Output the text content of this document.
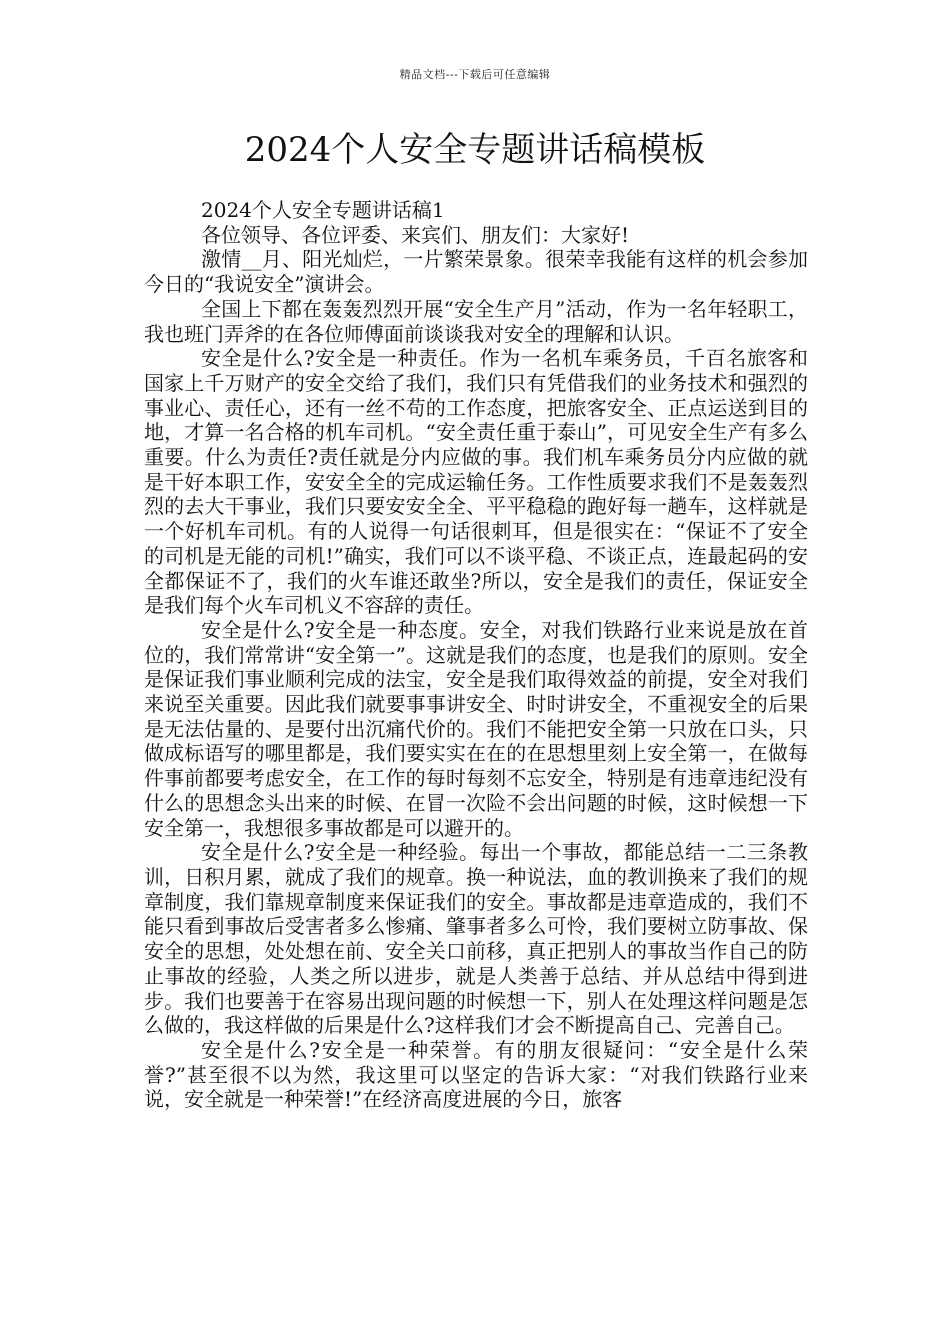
精品文档---下载后可任意编辑
2024个人安全专题讲话稿模板

2024个人安全专题讲话稿1

各位领导、各位评委、来宾们、朋友们：大家好!

激情__月、阳光灿烂，一片繁荣景象。很荣幸我能有这样的机会参加今日的“我说安全”演讲会。

全国上下都在轰轰烈烈开展“安全生产月”活动，作为一名年轻职工，我也班门弄斧的在各位师傅面前谈谈我对安全的理解和认识。

安全是什么?安全是一种责任。作为一名机车乘务员，千百名旅客和国家上千万财产的安全交给了我们，我们只有凭借我们的业务技术和强烈的事业心、责任心，还有一丝不苟的工作态度，把旅客安全、正点运送到目的地，才算一名合格的机车司机。“安全责任重于泰山”，可见安全生产有多么重要。什么为责任?责任就是分内应做的事。我们机车乘务员分内应做的就是干好本职工作，安安全全的完成运输任务。工作性质要求我们不是轰轰烈烈的去大干事业，我们只要安安全全、平平稳稳的跑好每一趟车，这样就是一个好机车司机。有的人说得一句话很刺耳，但是很实在：“保证不了安全的司机是无能的司机!”确实，我们可以不谈平稳、不谈正点，连最起码的安全都保证不了，我们的火车谁还敢坐?所以，安全是我们的责任，保证安全是我们每个火车司机义不容辞的责任。

安全是什么?安全是一种态度。安全，对我们铁路行业来说是放在首位的，我们常常讲“安全第一”。这就是我们的态度，也是我们的原则。安全是保证我们事业顺利完成的法宝，安全是我们取得效益的前提，安全对我们来说至关重要。因此我们就要事事讲安全、时时讲安全，不重视安全的后果是无法估量的、是要付出沉痛代价的。我们不能把安全第一只放在口头，只做成标语写的哪里都是，我们要实实在在的在思想里刻上安全第一，在做每件事前都要考虑安全，在工作的每时每刻不忘安全，特别是有违章违纪没有什么的思想念头出来的时候、在冒一次险不会出问题的时候，这时候想一下安全第一，我想很多事故都是可以避开的。

安全是什么?安全是一种经验。每出一个事故，都能总结一二三条教训，日积月累，就成了我们的规章。换一种说法，血的教训换来了我们的规章制度，我们靠规章制度来保证我们的安全。事故都是违章造成的，我们不能只看到事故后受害者多么惨痛、肇事者多么可怜，我们要树立防事故、保安全的思想，处处想在前、安全关口前移，真正把别人的事故当作自己的防止事故的经验，人类之所以进步，就是人类善于总结、并从总结中得到进步。我们也要善于在容易出现问题的时候想一下，别人在处理这样问题是怎么做的，我这样做的后果是什么?这样我们才会不断提高自己、完善自己。

安全是什么?安全是一种荣誉。有的朋友很疑问：“安全是什么荣誉?”甚至很不以为然，我这里可以坚定的告诉大家：“对我们铁路行业来说，安全就是一种荣誉!”在经济高度进展的今日，旅客
